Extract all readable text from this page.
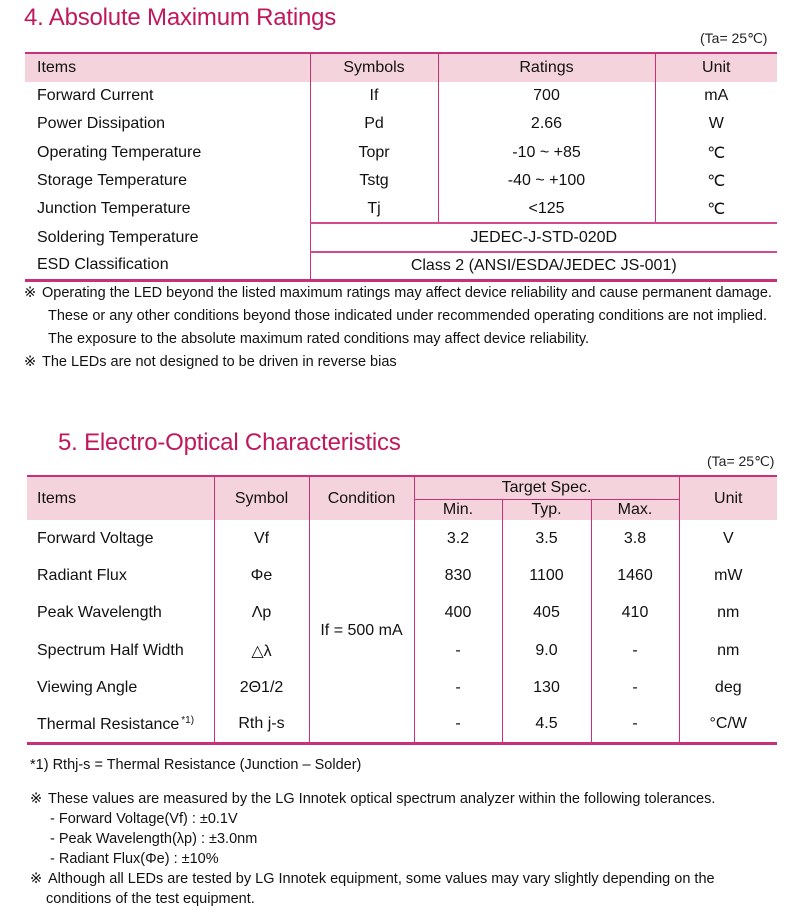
4. Absolute Maximum Ratings
(Ta= 25℃)
Items	Symbols	Ratings	Unit
Forward Current	If	700	mA
Power Dissipation	Pd	2.66	W
Operating Temperature	Topr	-10 ~ +85	℃
Storage Temperature	Tstg	-40 ~ +100	℃
Junction Temperature	Tj	<125	℃
Soldering Temperature	JEDEC-J-STD-020D		
ESD Classification	Class 2 (ANSI/ESDA/JEDEC JS-001)		
※ Operating the LED beyond the listed maximum ratings may affect device reliability and cause permanent damage.
These or any other conditions beyond those indicated under recommended operating conditions are not implied.
The exposure to the absolute maximum rated conditions may affect device reliability.
※ The LEDs are not designed to be driven in reverse bias
5. Electro-Optical Characteristics
(Ta= 25℃)
Items	Symbol	Condition	Target Spec.			Unit
			Min.	Typ.	Max.	
Forward Voltage	Vf	If = 500 mA	3.2	3.5	3.8	V
Radiant Flux	Φe		830	1100	1460	mW
Peak Wavelength	Λp		400	405	410	nm
Spectrum Half Width	△λ		-	9.0	-	nm
Viewing Angle	2Θ1/2		-	130	-	deg
Thermal Resistance $^{*1)}$	Rth j-s		-	4.5	-	°C/W
*1) Rthj-s = Thermal Resistance (Junction – Solder)
※ These values are measured by the LG Innotek optical spectrum analyzer within the following tolerances.
- Forward Voltage(Vf) : ±0.1V
- Peak Wavelength(λp) : ±3.0nm
- Radiant Flux(Φe) : ±10%
※ Although all LEDs are tested by LG Innotek equipment, some values may vary slightly depending on the
conditions of the test equipment.
